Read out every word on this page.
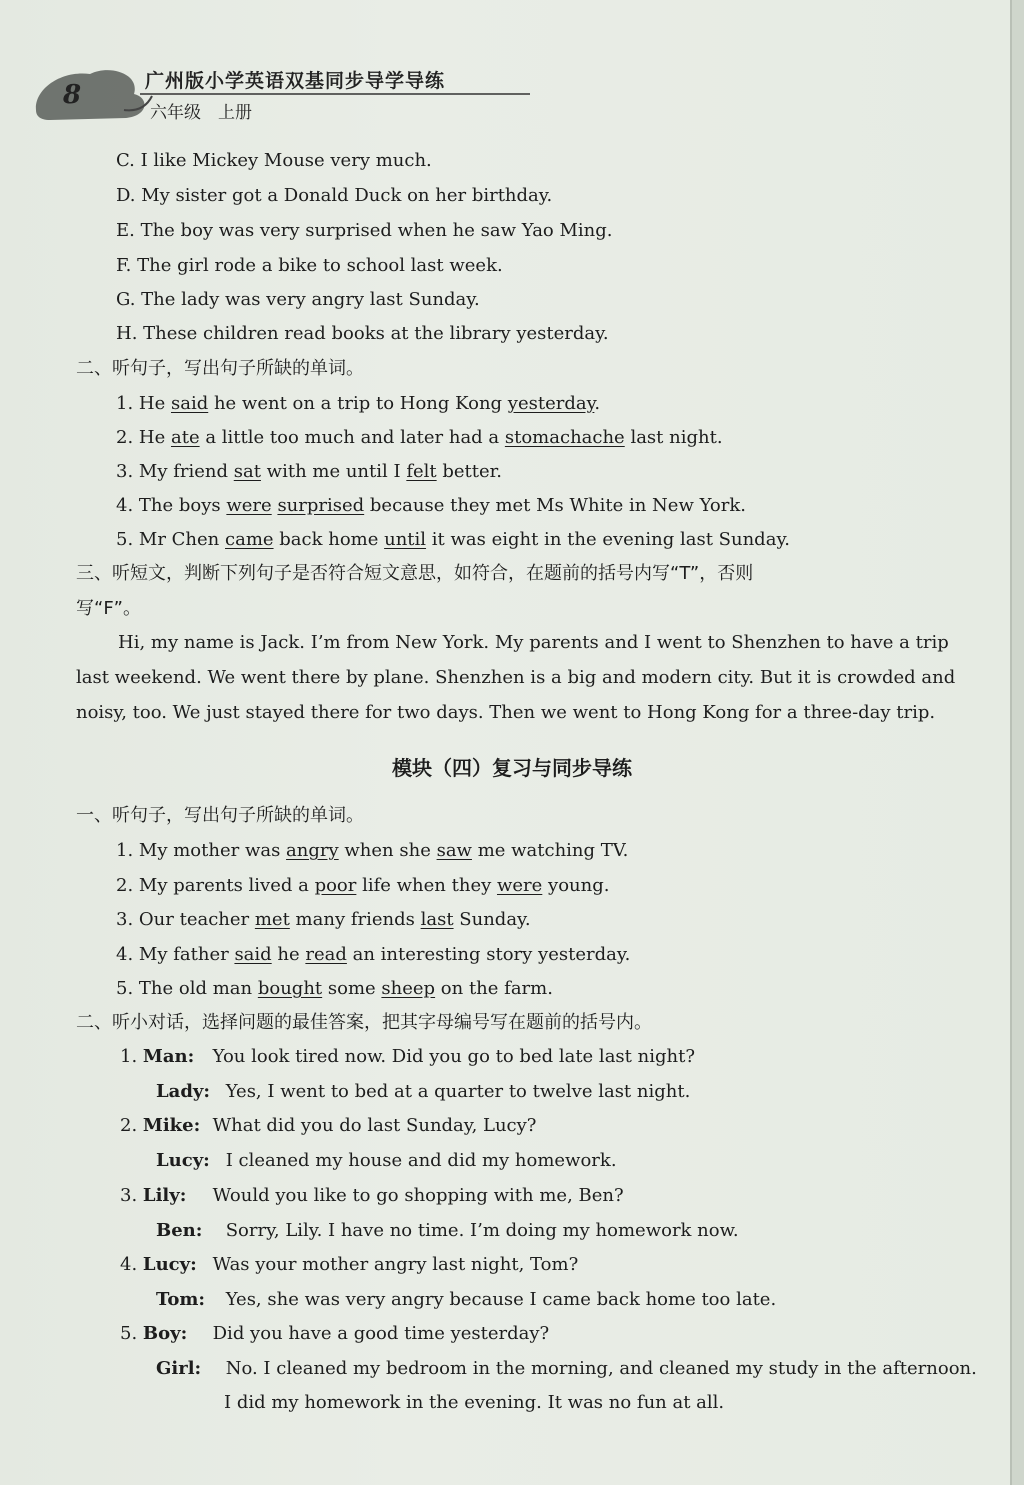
8	广州版小学英语双基同步导学导练
六年级　上册
C. I like Mickey Mouse very much.
D. My sister got a Donald Duck on her birthday.
E. The boy was very surprised when he saw Yao Ming.
F. The girl rode a bike to school last week.
G. The lady was very angry last Sunday.
H. These children read books at the library yesterday.
二、听句子，写出句子所缺的单词。
1. He said he went on a trip to Hong Kong yesterday.
2. He ate a little too much and later had a stomachache last night.
3. My friend sat with me until I felt better.
4. The boys were surprised because they met Ms White in New York.
5. Mr Chen came back home until it was eight in the evening last Sunday.
三、听短文，判断下列句子是否符合短文意思，如符合，在题前的括号内写“T”，否则
写“F”。
Hi, my name is Jack. I’m from New York. My parents and I went to Shenzhen to have a trip
last weekend. We went there by plane. Shenzhen is a big and modern city. But it is crowded and
noisy, too. We just stayed there for two days. Then we went to Hong Kong for a three-day trip.
模块（四）复习与同步导练
一、听句子，写出句子所缺的单词。
1. My mother was angry when she saw me watching TV.
2. My parents lived a poor life when they were young.
3. Our teacher met many friends last Sunday.
4. My father said he read an interesting story yesterday.
5. The old man bought some sheep on the farm.
二、听小对话，选择问题的最佳答案，把其字母编号写在题前的括号内。
1. Man: You look tired now. Did you go to bed late last night?
Lady: Yes, I went to bed at a quarter to twelve last night.
2. Mike: What did you do last Sunday, Lucy?
Lucy: I cleaned my house and did my homework.
3. Lily: Would you like to go shopping with me, Ben?
Ben: Sorry, Lily. I have no time. I’m doing my homework now.
4. Lucy: Was your mother angry last night, Tom?
Tom: Yes, she was very angry because I came back home too late.
5. Boy: Did you have a good time yesterday?
Girl: No. I cleaned my bedroom in the morning, and cleaned my study in the afternoon.
I did my homework in the evening. It was no fun at all.
